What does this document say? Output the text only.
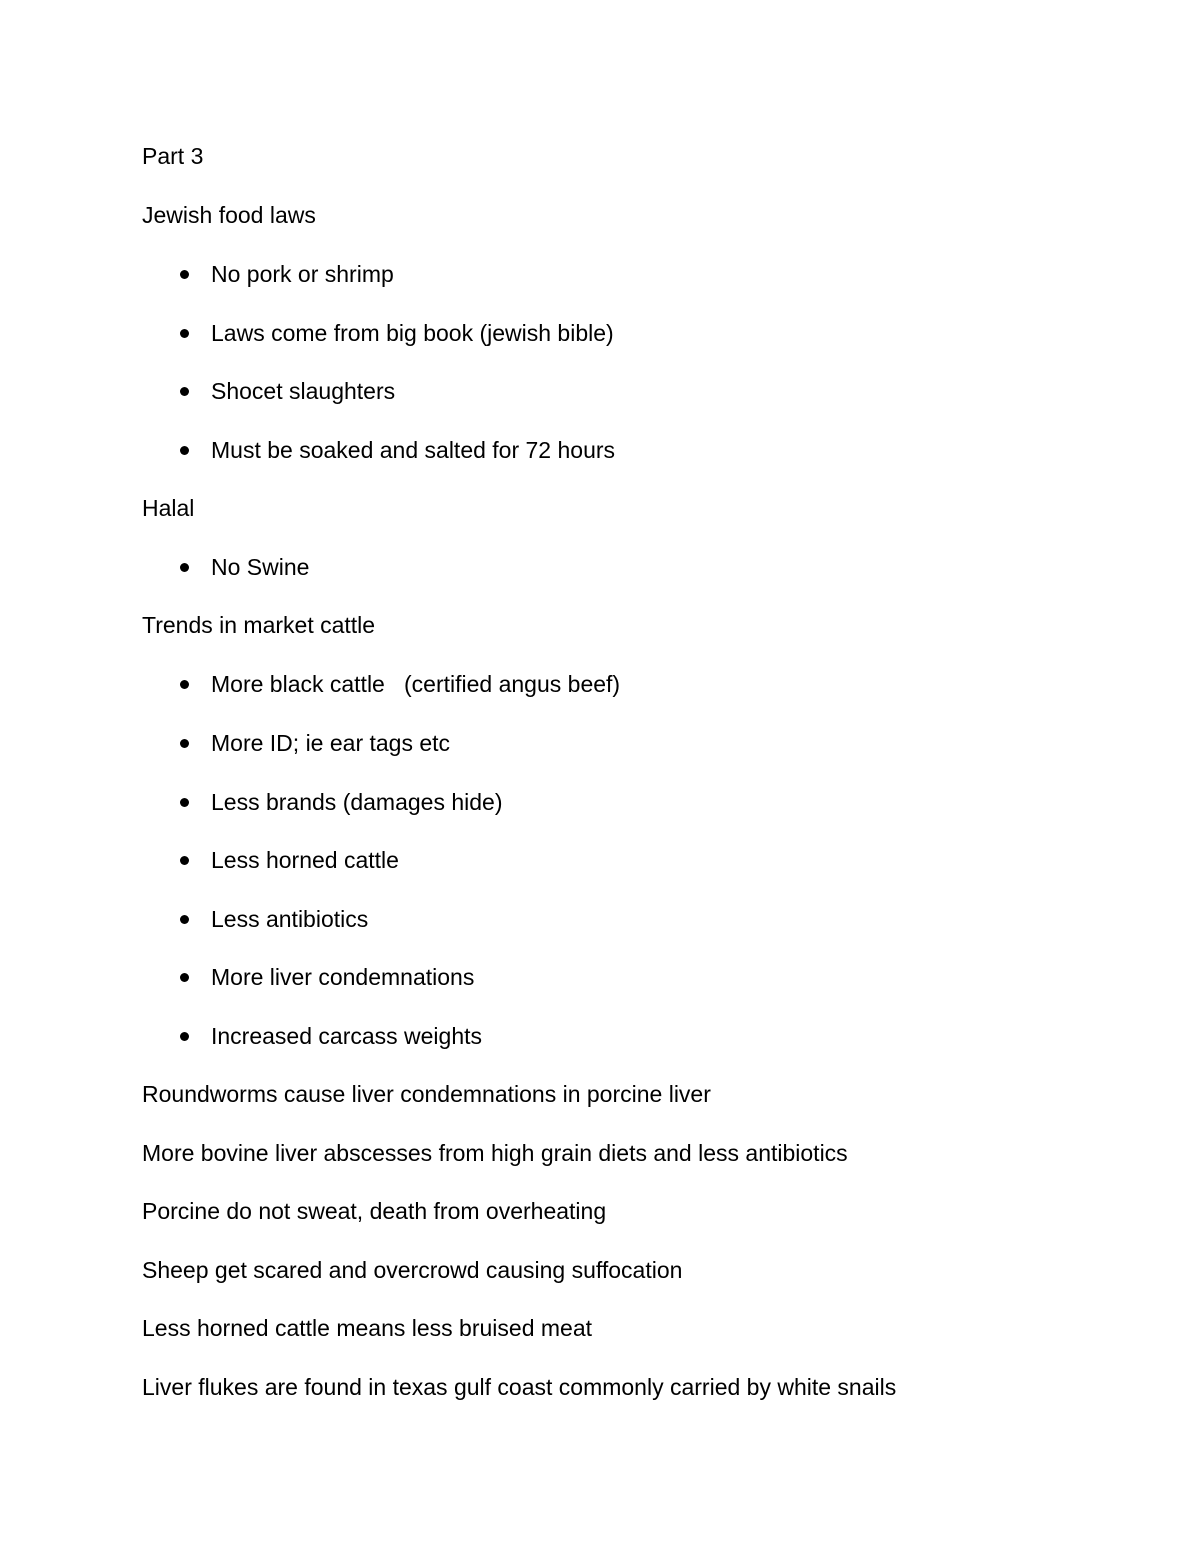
Part 3
Jewish food laws
No pork or shrimp
Laws come from big book (jewish bible)
Shocet slaughters
Must be soaked and salted for 72 hours
Halal
No Swine
Trends in market cattle
More black cattle   (certified angus beef)
More ID; ie ear tags etc
Less brands (damages hide)
Less horned cattle
Less antibiotics
More liver condemnations
Increased carcass weights
Roundworms cause liver condemnations in porcine liver
More bovine liver abscesses from high grain diets and less antibiotics
Porcine do not sweat, death from overheating
Sheep get scared and overcrowd causing suffocation
Less horned cattle means less bruised meat
Liver flukes are found in texas gulf coast commonly carried by white snails
